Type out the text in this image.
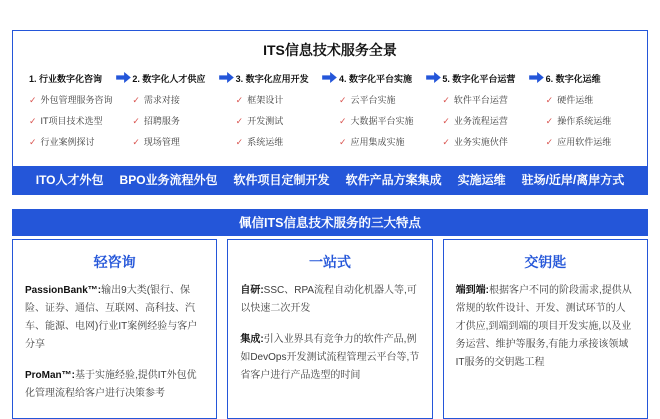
ITS信息技术服务全景
1. 行业数字化咨询
✓ 外包管理服务咨询
✓ IT项目技术选型
✓ 行业案例探讨
2. 数字化人才供应
✓ 需求对接
✓ 招聘服务
✓ 现场管理
3. 数字化应用开发
✓ 框架设计
✓ 开发测试
✓ 系统运维
4. 数字化平台实施
✓ 云平台实施
✓ 大数据平台实施
✓ 应用集成实施
5. 数字化平台运营
✓ 软件平台运营
✓ 业务流程运营
✓ 业务实施伙伴
6. 数字化运维
✓ 硬件运维
✓ 操作系统运维
✓ 应用软件运维
ITO人才外包 BPO业务流程外包 软件项目定制开发 软件产品方案集成 实施运维 驻场/近岸/离岸方式
佩信ITS信息技术服务的三大特点
轻咨询

PassionBank™:输出9大类(银行、保险、证券、通信、互联网、高科技、汽车、能源、电网)行业IT案例经验与客户分享

ProMan™:基于实施经验,提供IT外包优化管理流程给客户进行决策参考

一站式

自研:SSC、RPA流程自动化机器人等,可以快速二次开发

集成:引入业界具有竞争力的软件产品,例如DevOps开发测试流程管理云平台等,节省客户进行产品选型的时间

交钥匙

端到端:根据客户不同的阶段需求,提供从常规的软件设计、开发、测试环节的人才供应,到端到端的项目开发实施,以及业务运营、维护等服务,有能力承接该领域IT服务的交钥匙工程
